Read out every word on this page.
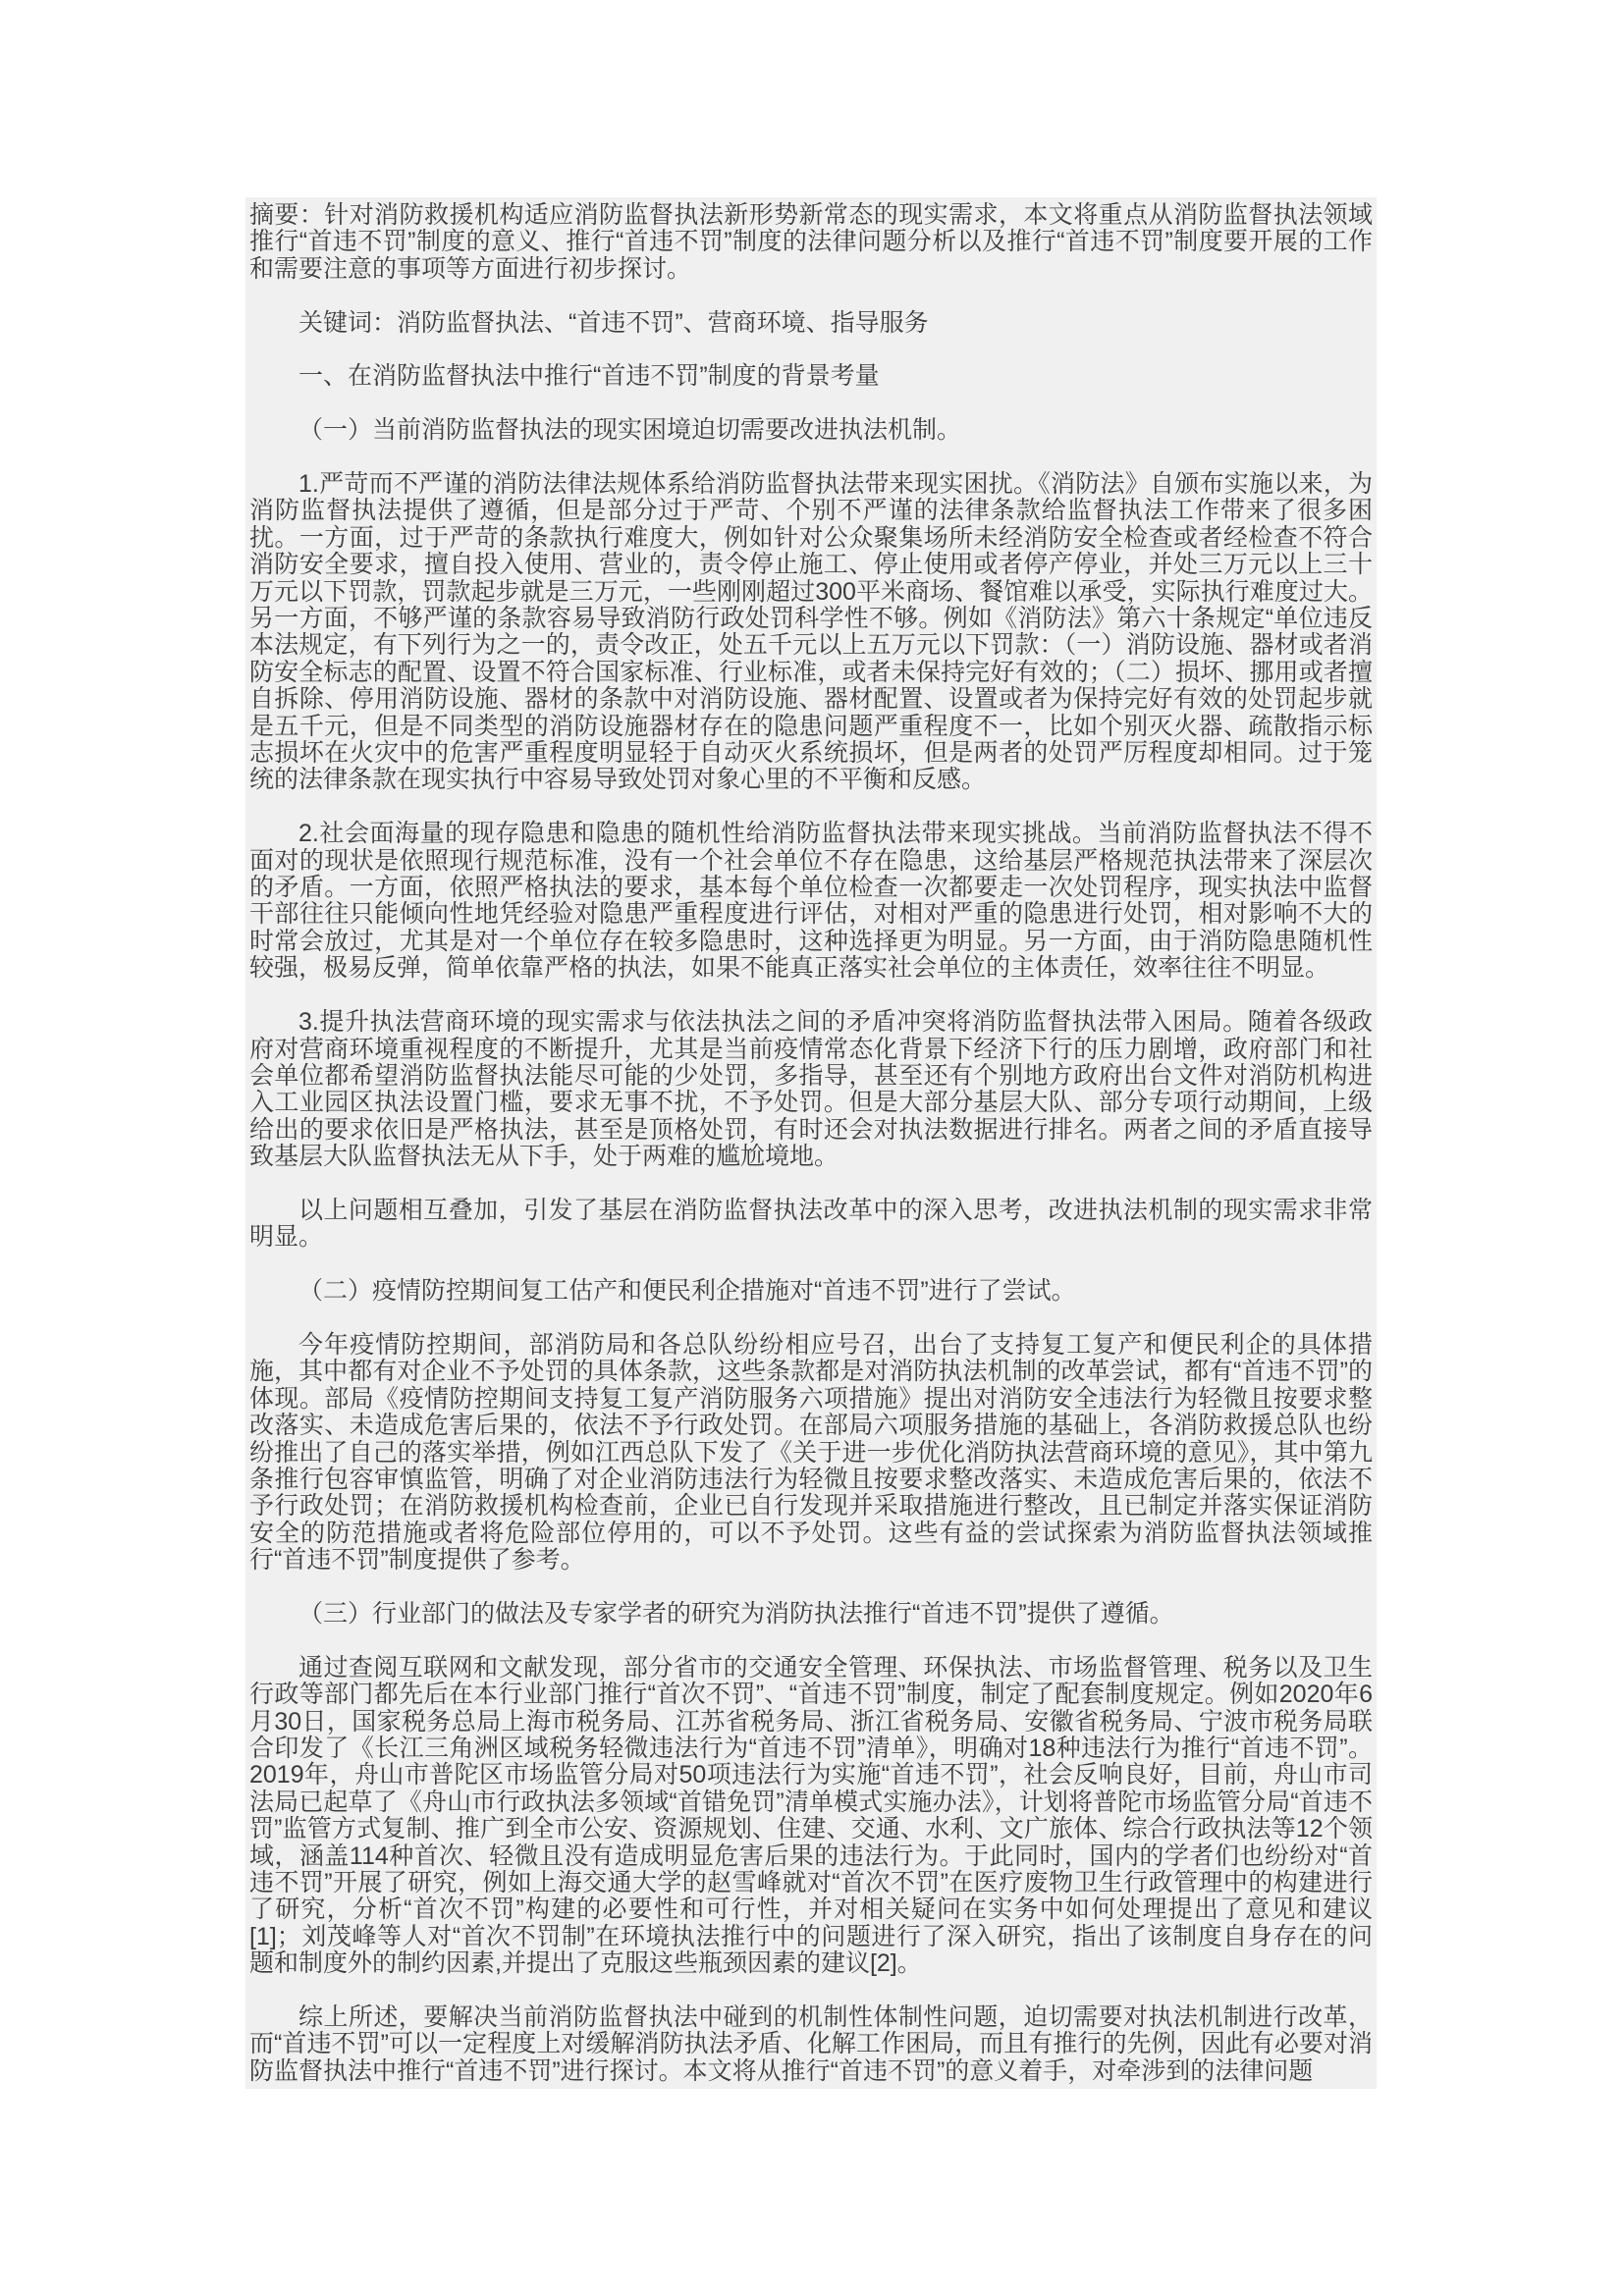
摘要：针对消防救援机构适应消防监督执法新形势新常态的现实需求，本文将重点从消防监督执法领域推行“首违不罚”制度的意义、推行“首违不罚”制度的法律问题分析以及推行“首违不罚”制度要开展的工作和需要注意的事项等方面进行初步探讨。

关键词：消防监督执法、“首违不罚”、营商环境、指导服务

一、在消防监督执法中推行“首违不罚”制度的背景考量

（一）当前消防监督执法的现实困境迫切需要改进执法机制。

1.严苛而不严谨的消防法律法规体系给消防监督执法带来现实困扰。《消防法》自颁布实施以来，为消防监督执法提供了遵循，但是部分过于严苛、个别不严谨的法律条款给监督执法工作带来了很多困扰。一方面，过于严苛的条款执行难度大，例如针对公众聚集场所未经消防安全检查或者经检查不符合消防安全要求，擅自投入使用、营业的，责令停止施工、停止使用或者停产停业，并处三万元以上三十万元以下罚款，罚款起步就是三万元，一些刚刚超过300平米商场、餐馆难以承受，实际执行难度过大。另一方面，不够严谨的条款容易导致消防行政处罚科学性不够。例如《消防法》第六十条规定“单位违反本法规定，有下列行为之一的，责令改正，处五千元以上五万元以下罚款：（一）消防设施、器材或者消防安全标志的配置、设置不符合国家标准、行业标准，或者未保持完好有效的；（二）损坏、挪用或者擅自拆除、停用消防设施、器材的条款中对消防设施、器材配置、设置或者为保持完好有效的处罚起步就是五千元，但是不同类型的消防设施器材存在的隐患问题严重程度不一，比如个别灭火器、疏散指示标志损坏在火灾中的危害严重程度明显轻于自动灭火系统损坏，但是两者的处罚严厉程度却相同。过于笼统的法律条款在现实执行中容易导致处罚对象心里的不平衡和反感。

2.社会面海量的现存隐患和隐患的随机性给消防监督执法带来现实挑战。当前消防监督执法不得不面对的现状是依照现行规范标准，没有一个社会单位不存在隐患，这给基层严格规范执法带来了深层次的矛盾。一方面，依照严格执法的要求，基本每个单位检查一次都要走一次处罚程序，现实执法中监督干部往往只能倾向性地凭经验对隐患严重程度进行评估，对相对严重的隐患进行处罚，相对影响不大的时常会放过，尤其是对一个单位存在较多隐患时，这种选择更为明显。另一方面，由于消防隐患随机性较强，极易反弹，简单依靠严格的执法，如果不能真正落实社会单位的主体责任，效率往往不明显。

3.提升执法营商环境的现实需求与依法执法之间的矛盾冲突将消防监督执法带入困局。随着各级政府对营商环境重视程度的不断提升，尤其是当前疫情常态化背景下经济下行的压力剧增，政府部门和社会单位都希望消防监督执法能尽可能的少处罚，多指导，甚至还有个别地方政府出台文件对消防机构进入工业园区执法设置门槛，要求无事不扰，不予处罚。但是大部分基层大队、部分专项行动期间，上级给出的要求依旧是严格执法，甚至是顶格处罚，有时还会对执法数据进行排名。两者之间的矛盾直接导致基层大队监督执法无从下手，处于两难的尴尬境地。

以上问题相互叠加，引发了基层在消防监督执法改革中的深入思考，改进执法机制的现实需求非常明显。

（二）疫情防控期间复工估产和便民利企措施对“首违不罚”进行了尝试。

今年疫情防控期间，部消防局和各总队纷纷相应号召，出台了支持复工复产和便民利企的具体措施，其中都有对企业不予处罚的具体条款，这些条款都是对消防执法机制的改革尝试，都有“首违不罚”的体现。部局《疫情防控期间支持复工复产消防服务六项措施》提出对消防安全违法行为轻微且按要求整改落实、未造成危害后果的，依法不予行政处罚。在部局六项服务措施的基础上，各消防救援总队也纷纷推出了自己的落实举措，例如江西总队下发了《关于进一步优化消防执法营商环境的意见》，其中第九条推行包容审慎监管，明确了对企业消防违法行为轻微且按要求整改落实、未造成危害后果的，依法不予行政处罚；在消防救援机构检查前，企业已自行发现并采取措施进行整改，且已制定并落实保证消防安全的防范措施或者将危险部位停用的，可以不予处罚。这些有益的尝试探索为消防监督执法领域推行“首违不罚”制度提供了参考。

（三）行业部门的做法及专家学者的研究为消防执法推行“首违不罚”提供了遵循。

通过查阅互联网和文献发现，部分省市的交通安全管理、环保执法、市场监督管理、税务以及卫生行政等部门都先后在本行业部门推行“首次不罚”、“首违不罚”制度，制定了配套制度规定。例如2020年6月30日，国家税务总局上海市税务局、江苏省税务局、浙江省税务局、安徽省税务局、宁波市税务局联合印发了《长江三角洲区域税务轻微违法行为“首违不罚”清单》，明确对18种违法行为推行“首违不罚”。2019年，舟山市普陀区市场监管分局对50项违法行为实施“首违不罚”，社会反响良好，目前，舟山市司法局已起草了《舟山市行政执法多领域“首错免罚”清单模式实施办法》，计划将普陀市场监管分局“首违不罚”监管方式复制、推广到全市公安、资源规划、住建、交通、水利、文广旅体、综合行政执法等12个领域，涵盖114种首次、轻微且没有造成明显危害后果的违法行为。于此同时，国内的学者们也纷纷对“首违不罚”开展了研究，例如上海交通大学的赵雪峰就对“首次不罚”在医疗废物卫生行政管理中的构建进行了研究，分析“首次不罚”构建的必要性和可行性，并对相关疑问在实务中如何处理提出了意见和建议[1]；刘茂峰等人对“首次不罚制”在环境执法推行中的问题进行了深入研究，指出了该制度自身存在的问题和制度外的制约因素,并提出了克服这些瓶颈因素的建议[2]。

综上所述，要解决当前消防监督执法中碰到的机制性体制性问题，迫切需要对执法机制进行改革，而“首违不罚”可以一定程度上对缓解消防执法矛盾、化解工作困局，而且有推行的先例，因此有必要对消防监督执法中推行“首违不罚”进行探讨。本文将从推行“首违不罚”的意义着手，对牵涉到的法律问题
